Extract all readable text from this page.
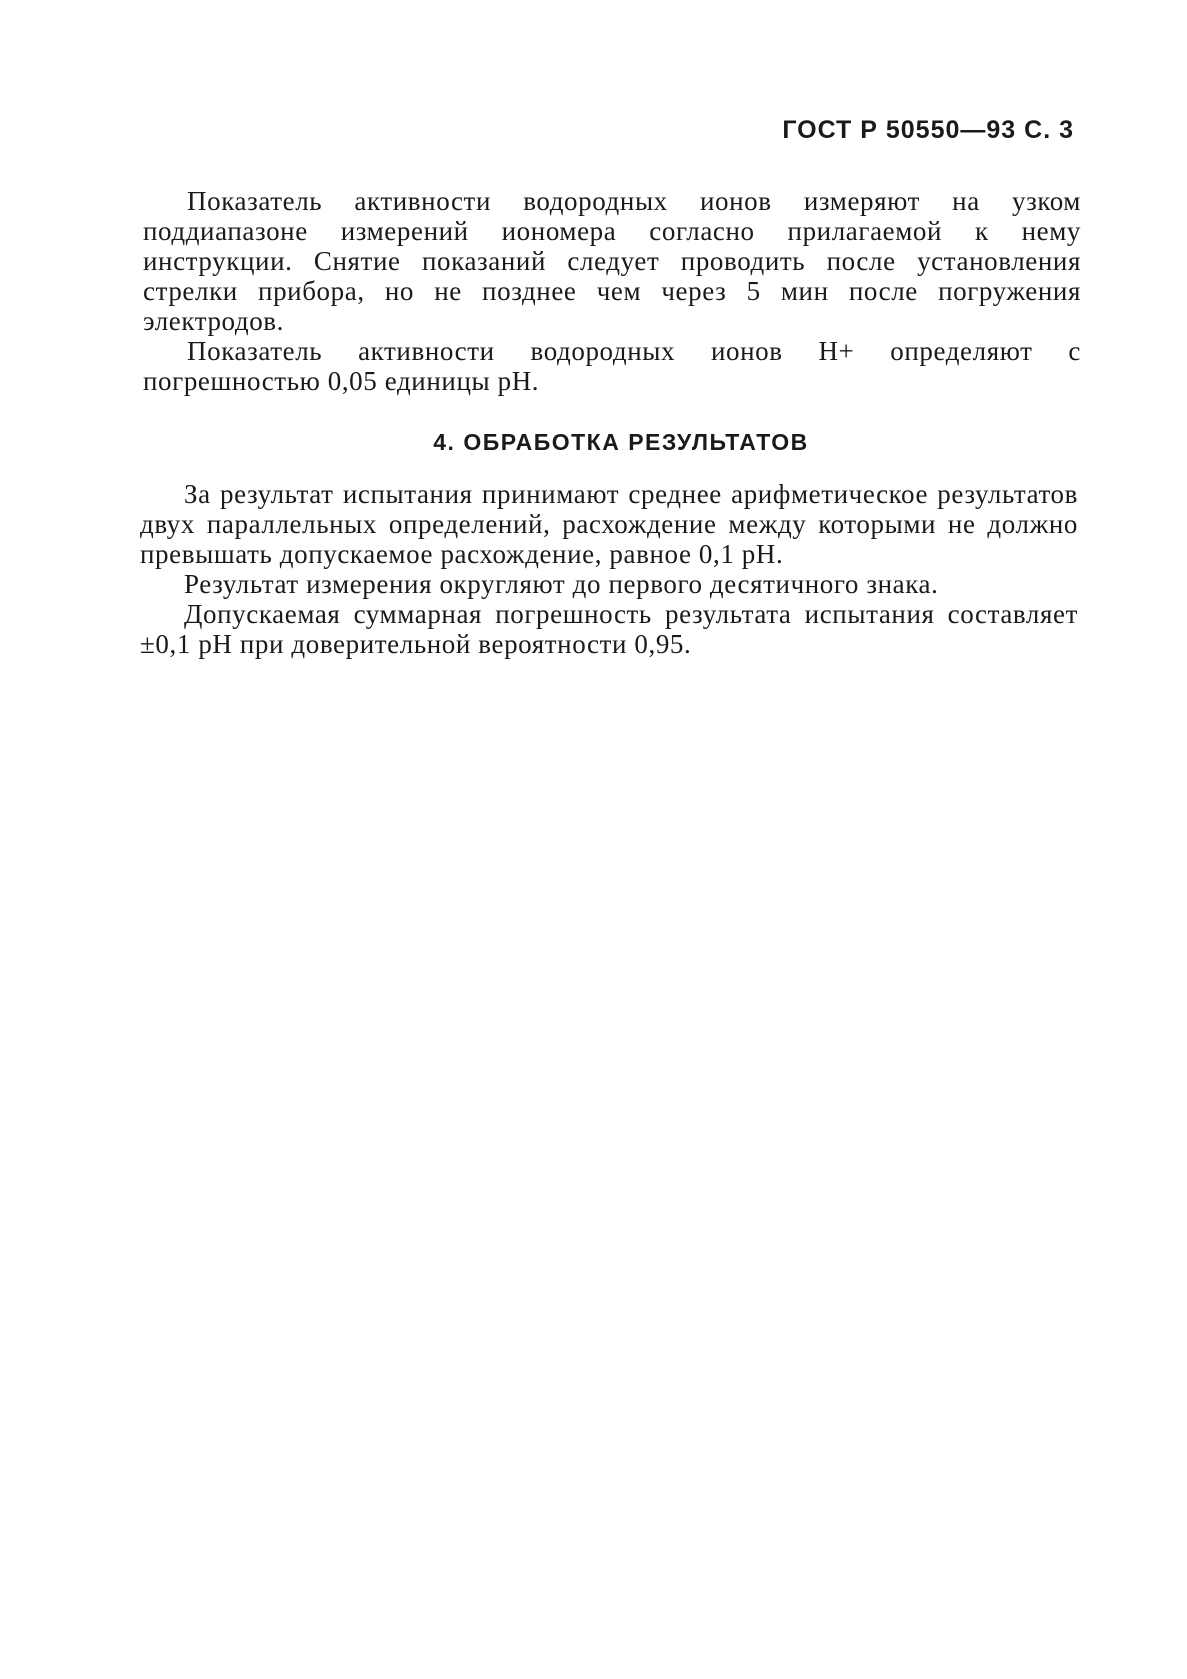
ГОСТ Р 50550—93 С. 3

Показатель активности водородных ионов измеряют на узком поддиапазоне измерений иономера согласно прилагаемой к нему инструкции. Снятие показаний следует проводить после установления стрелки прибора, но не позднее чем через 5 мин после погружения электродов.

Показатель активности водородных ионов H+ определяют с погрешностью 0,05 единицы pH.

4. ОБРАБОТКА РЕЗУЛЬТАТОВ

За результат испытания принимают среднее арифметическое результатов двух параллельных определений, расхождение между которыми не должно превышать допускаемое расхождение, равное 0,1 pH.

Результат измерения округляют до первого десятичного знака.

Допускаемая суммарная погрешность результата испытания составляет ±0,1 pH при доверительной вероятности 0,95.
